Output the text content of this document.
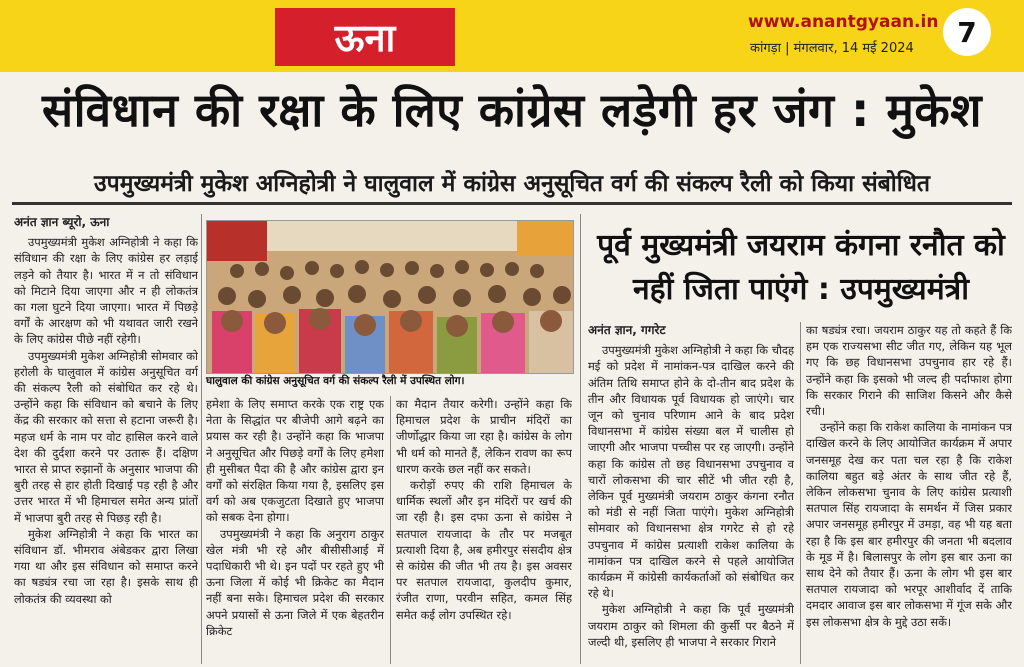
ऊना	www.anantgyaan.in
कांगड़ा | मंगलवार, 14 मई 2024	7
संविधान की रक्षा के लिए कांग्रेस लड़ेगी हर जंग : मुकेश
उपमुख्यमंत्री मुकेश अग्निहोत्री ने घालुवाल में कांग्रेस अनुसूचित वर्ग की संकल्प रैली को किया संबोधित
अनंत ज्ञान ब्यूरो, ऊना

उपमुख्यमंत्री मुकेश अग्निहोत्री ने कहा कि संविधान की रक्षा के लिए कांग्रेस हर लड़ाई लड़ने को तैयार है। भारत में न तो संविधान को मिटाने दिया जाएगा और न ही लोकतंत्र का गला घुटने दिया जाएगा। भारत में पिछड़े वर्गों के आरक्षण को भी यथावत जारी रखने के लिए कांग्रेस पीछे नहीं रहेगी।

उपमुख्यमंत्री मुकेश अग्निहोत्री सोमवार को हरोली के घालुवाल में कांग्रेस अनुसूचित वर्ग की संकल्प रैली को संबोधित कर रहे थे। उन्होंने कहा कि संविधान को बचाने के लिए केंद्र की सरकार को सत्ता से हटाना जरूरी है। महज धर्म के नाम पर वोट हासिल करने वाले देश की दुर्दशा करने पर उतारू हैं। दक्षिण भारत से प्राप्त रुझानों के अनुसार भाजपा की बुरी तरह से हार होती दिखाई पड़ रही है और उत्तर भारत में भी हिमाचल समेत अन्य प्रांतों में भाजपा बुरी तरह से पिछड़ रही है।

मुकेश अग्निहोत्री ने कहा कि भारत का संविधान डॉ. भीमराव अंबेडकर द्वारा लिखा गया था और इस संविधान को समाप्त करने का षड्यंत्र रचा जा रहा है। इसके साथ ही लोकतंत्र की व्यवस्था को

घालुवाल की कांग्रेस अनुसूचित वर्ग की संकल्प रैली में उपस्थित लोग।

हमेशा के लिए समाप्त करके एक राष्ट्र एक नेता के सिद्धांत पर बीजेपी आगे बढ़ने का प्रयास कर रही है। उन्होंने कहा कि भाजपा ने अनुसूचित और पिछड़े वर्गों के लिए हमेशा ही मुसीबत पैदा की है और कांग्रेस द्वारा इन वर्गों को संरक्षित किया गया है, इसलिए इस वर्ग को अब एकजुटता दिखाते हुए भाजपा को सबक देना होगा।

उपमुख्यमंत्री ने कहा कि अनुराग ठाकुर खेल मंत्री भी रहे और बीसीसीआई में पदाधिकारी भी थे। इन पदों पर रहते हुए भी ऊना जिला में कोई भी क्रिकेट का मैदान नहीं बना सके। हिमाचल प्रदेश की सरकार अपने प्रयासों से ऊना जिले में एक बेहतरीन क्रिकेट

का मैदान तैयार करेगी। उन्होंने कहा कि हिमाचल प्रदेश के प्राचीन मंदिरों का जीर्णोद्धार किया जा रहा है। कांग्रेस के लोग भी धर्म को मानते हैं, लेकिन रावण का रूप धारण करके छल नहीं कर सकते।

करोड़ों रुपए की राशि हिमाचल के धार्मिक स्थलों और इन मंदिरों पर खर्च की जा रही है। इस दफा ऊना से कांग्रेस ने सतपाल रायजादा के तौर पर मजबूत प्रत्याशी दिया है, अब हमीरपुर संसदीय क्षेत्र से कांग्रेस की जीत भी तय है। इस अवसर पर सतपाल रायजादा, कुलदीप कुमार, रंजीत राणा, परवीन सहित, कमल सिंह समेत कई लोग उपस्थित रहे।

पूर्व मुख्यमंत्री जयराम कंगना रनौत को नहीं जिता पाएंगे : उपमुख्यमंत्री
अनंत ज्ञान, गगरेट

उपमुख्यमंत्री मुकेश अग्निहोत्री ने कहा कि चौदह मई को प्रदेश में नामांकन-पत्र दाखिल करने की अंतिम तिथि समाप्त होने के दो-तीन बाद प्रदेश के तीन और विधायक पूर्व विधायक हो जाएंगे। चार जून को चुनाव परिणाम आने के बाद प्रदेश विधानसभा में कांग्रेस संख्या बल में चालीस हो जाएगी और भाजपा पच्चीस पर रह जाएगी। उन्होंने कहा कि कांग्रेस तो छह विधानसभा उपचुनाव व चारों लोकसभा की चार सीटें भी जीत रही है, लेकिन पूर्व मुख्यमंत्री जयराम ठाकुर कंगना रनौत को मंडी से नहीं जिता पाएंगे। मुकेश अग्निहोत्री सोमवार को विधानसभा क्षेत्र गगरेट से हो रहे उपचुनाव में कांग्रेस प्रत्याशी राकेश कालिया के नामांकन पत्र दाखिल करने से पहले आयोजित कार्यक्रम में कांग्रेसी कार्यकर्ताओं को संबोधित कर रहे थे।

मुकेश अग्निहोत्री ने कहा कि पूर्व मुख्यमंत्री जयराम ठाकुर को शिमला की कुर्सी पर बैठने में जल्दी थी, इसलिए ही भाजपा ने सरकार गिराने

का षड्यंत्र रचा। जयराम ठाकुर यह तो कहते हैं कि हम एक राज्यसभा सीट जीत गए, लेकिन यह भूल गए कि छह विधानसभा उपचुनाव हार रहे हैं। उन्होंने कहा कि इसको भी जल्द ही पर्दाफाश होगा कि सरकार गिराने की साजिश किसने और कैसे रची।

उन्होंने कहा कि राकेश कालिया के नामांकन पत्र दाखिल करने के लिए आयोजित कार्यक्रम में अपार जनसमूह देख कर पता चल रहा है कि राकेश कालिया बहुत बड़े अंतर के साथ जीत रहे हैं, लेकिन लोकसभा चुनाव के लिए कांग्रेस प्रत्याशी सतपाल सिंह रायजादा के समर्थन में जिस प्रकार अपार जनसमूह हमीरपुर में उमड़ा, वह भी यह बता रहा है कि इस बार हमीरपुर की जनता भी बदलाव के मूड में है। बिलासपुर के लोग इस बार ऊना का साथ देने को तैयार हैं। ऊना के लोग भी इस बार सतपाल रायजादा को भरपूर आशीर्वाद दें ताकि दमदार आवाज इस बार लोकसभा में गूंज सके और इस लोकसभा क्षेत्र के मुद्दे उठा सकें।
